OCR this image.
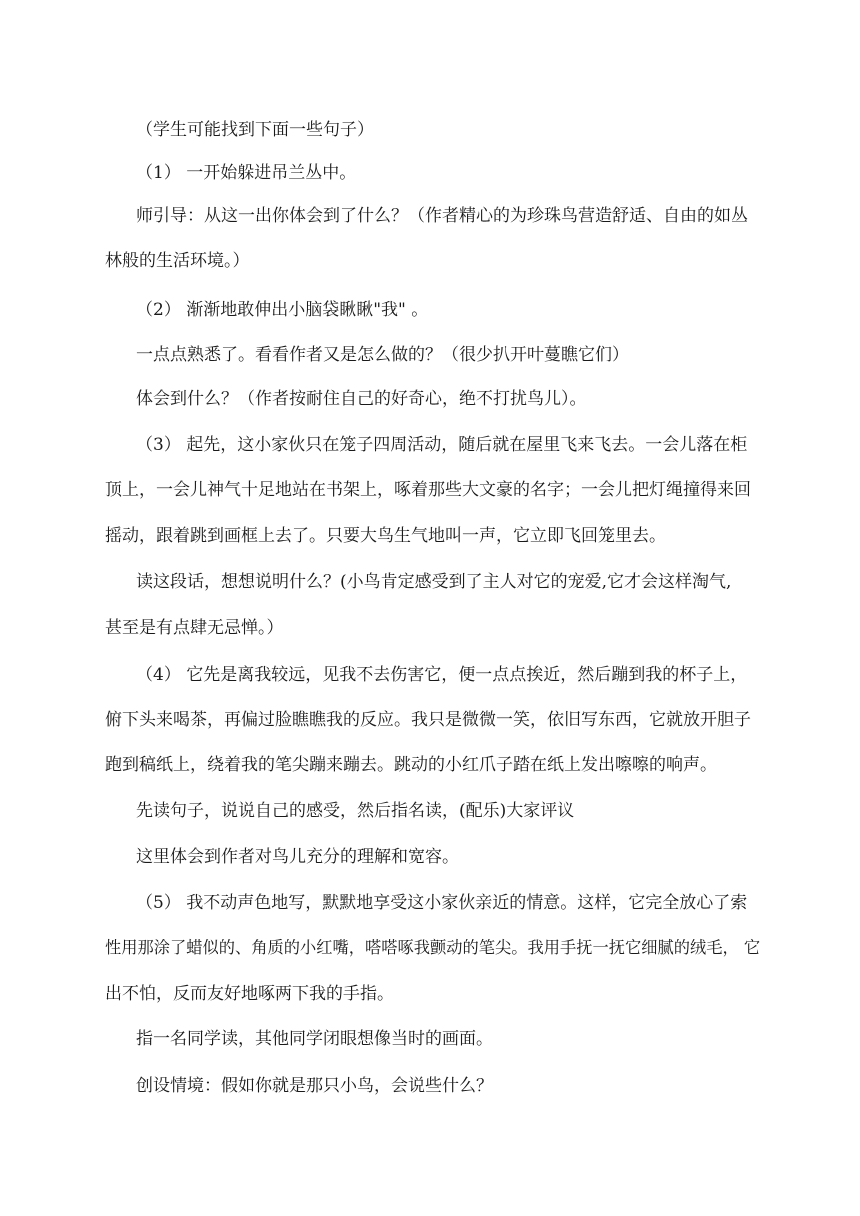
（学生可能找到下面一些句子）
（1） 一开始躲进吊兰丛中。
师引导：从这一出你体会到了什么？（作者精心的为珍珠鸟营造舒适、自由的如丛
林般的生活环境。）
（2） 渐渐地敢伸出小脑袋瞅瞅"我" 。
一点点熟悉了。看看作者又是怎么做的？（很少扒开叶蔓瞧它们）
体会到什么？（作者按耐住自己的好奇心，绝不打扰鸟儿）。
（3） 起先，这小家伙只在笼子四周活动，随后就在屋里飞来飞去。一会儿落在柜
顶上，一会儿神气十足地站在书架上，啄着那些大文豪的名字；一会儿把灯绳撞得来回
摇动，跟着跳到画框上去了。只要大鸟生气地叫一声，它立即飞回笼里去。
读这段话，想想说明什么？(小鸟肯定感受到了主人对它的宠爱,它才会这样淘气,
甚至是有点肆无忌惮。）
（4） 它先是离我较远，见我不去伤害它，便一点点挨近，然后蹦到我的杯子上，
俯下头来喝茶，再偏过脸瞧瞧我的反应。我只是微微一笑，依旧写东西，它就放开胆子
跑到稿纸上，绕着我的笔尖蹦来蹦去。跳动的小红爪子踏在纸上发出嚓嚓的响声。
先读句子，说说自己的感受，然后指名读，(配乐)大家评议
这里体会到作者对鸟儿充分的理解和宽容。
（5） 我不动声色地写，默默地享受这小家伙亲近的情意。这样，它完全放心了索
性用那涂了蜡似的、角质的小红嘴，嗒嗒啄我颤动的笔尖。我用手抚一抚它细腻的绒毛， 它
出不怕，反而友好地啄两下我的手指。
指一名同学读，其他同学闭眼想像当时的画面。
创设情境：假如你就是那只小鸟，会说些什么？
